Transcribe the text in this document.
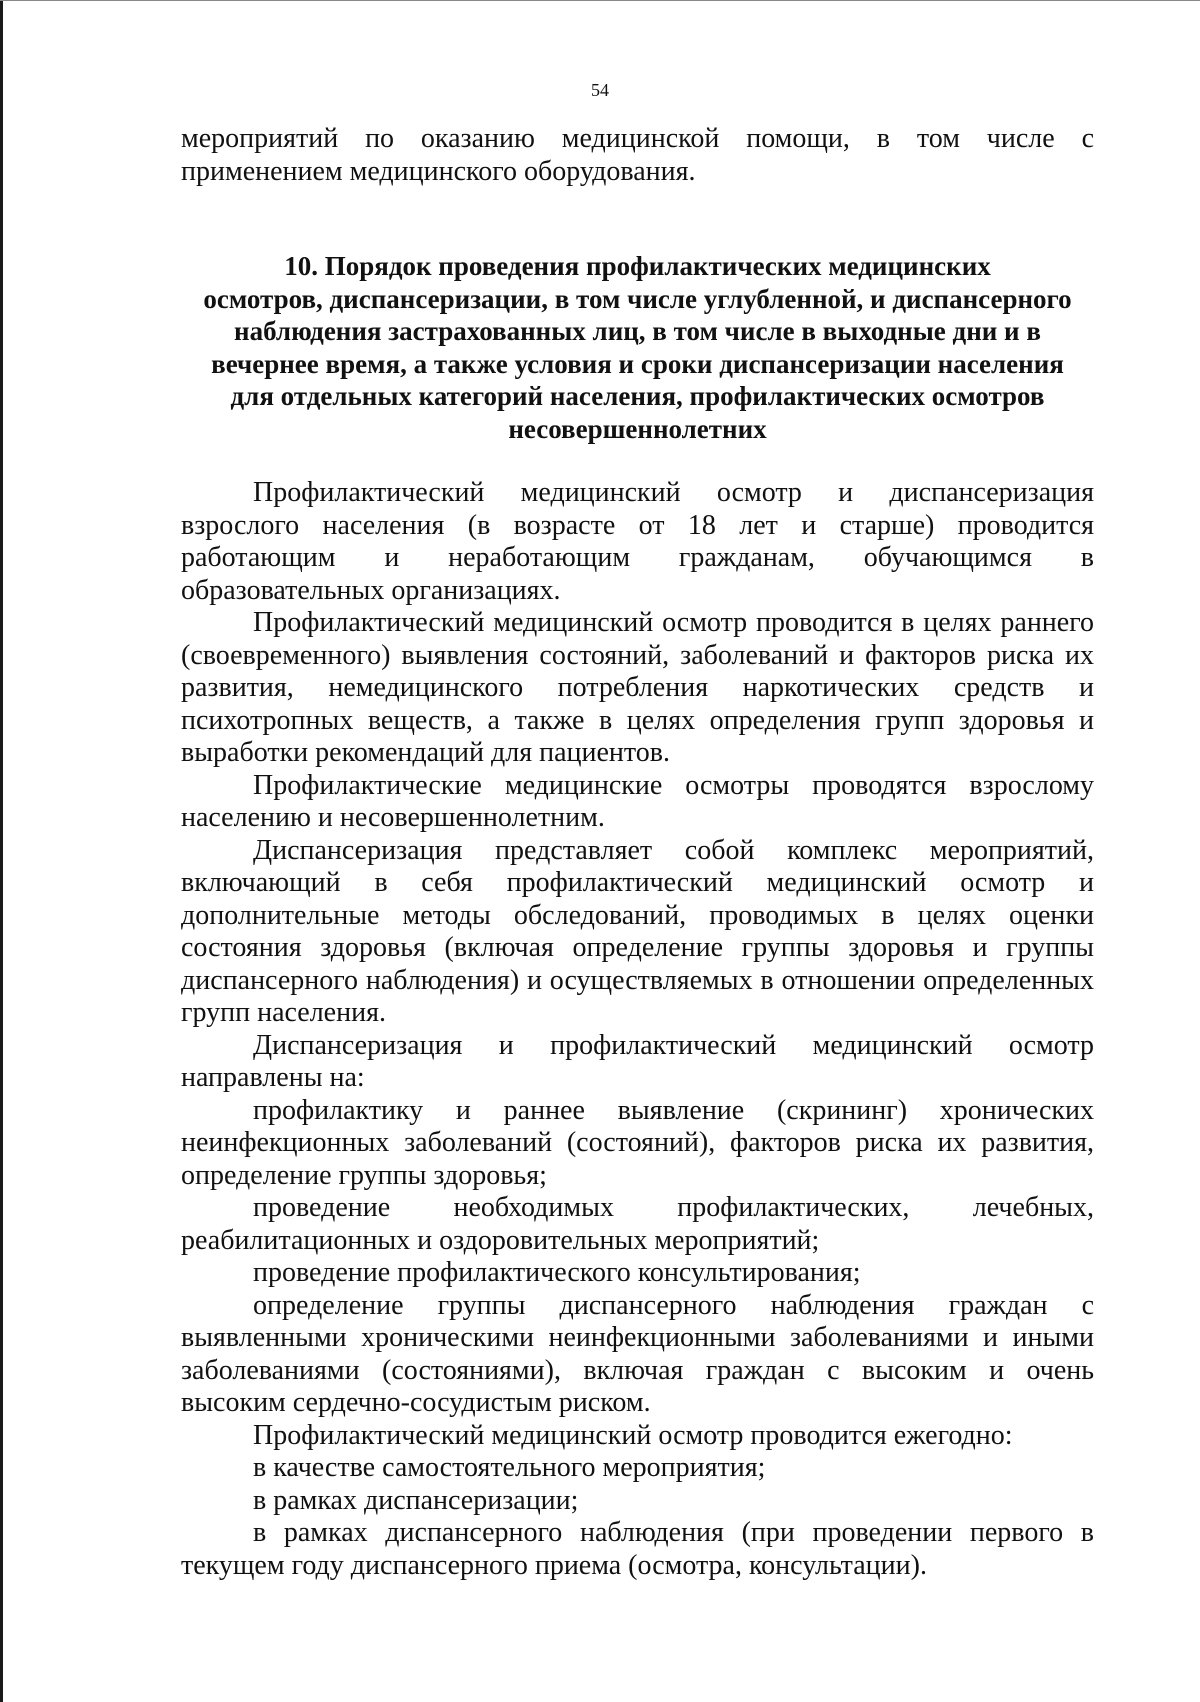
54

мероприятий по оказанию медицинской помощи, в том числе с применением медицинского оборудования.

10. Порядок проведения профилактических медицинских
осмотров, диспансеризации, в том числе углубленной, и диспансерного
наблюдения застрахованных лиц, в том числе в выходные дни и в
вечернее время, а также условия и сроки диспансеризации населения
для отдельных категорий населения, профилактических осмотров
несовершеннолетних

Профилактический медицинский осмотр и диспансеризация взрослого населения (в возрасте от 18 лет и старше) проводится работающим и неработающим гражданам, обучающимся в образовательных организациях.

Профилактический медицинский осмотр проводится в целях раннего (своевременного) выявления состояний, заболеваний и факторов риска их развития, немедицинского потребления наркотических средств и психотропных веществ, а также в целях определения групп здоровья и выработки рекомендаций для пациентов.

Профилактические медицинские осмотры проводятся взрослому населению и несовершеннолетним.

Диспансеризация представляет собой комплекс мероприятий, включающий в себя профилактический медицинский осмотр и дополнительные методы обследований, проводимых в целях оценки состояния здоровья (включая определение группы здоровья и группы диспансерного наблюдения) и осуществляемых в отношении определенных групп населения.

Диспансеризация и профилактический медицинский осмотр направлены на:

профилактику и раннее выявление (скрининг) хронических неинфекционных заболеваний (состояний), факторов риска их развития, определение группы здоровья;

проведение необходимых профилактических, лечебных, реабилитационных и оздоровительных мероприятий;

проведение профилактического консультирования;

определение группы диспансерного наблюдения граждан с выявленными хроническими неинфекционными заболеваниями и иными заболеваниями (состояниями), включая граждан с высоким и очень высоким сердечно-сосудистым риском.

Профилактический медицинский осмотр проводится ежегодно:

в качестве самостоятельного мероприятия;

в рамках диспансеризации;

в рамках диспансерного наблюдения (при проведении первого в текущем году диспансерного приема (осмотра, консультации).
